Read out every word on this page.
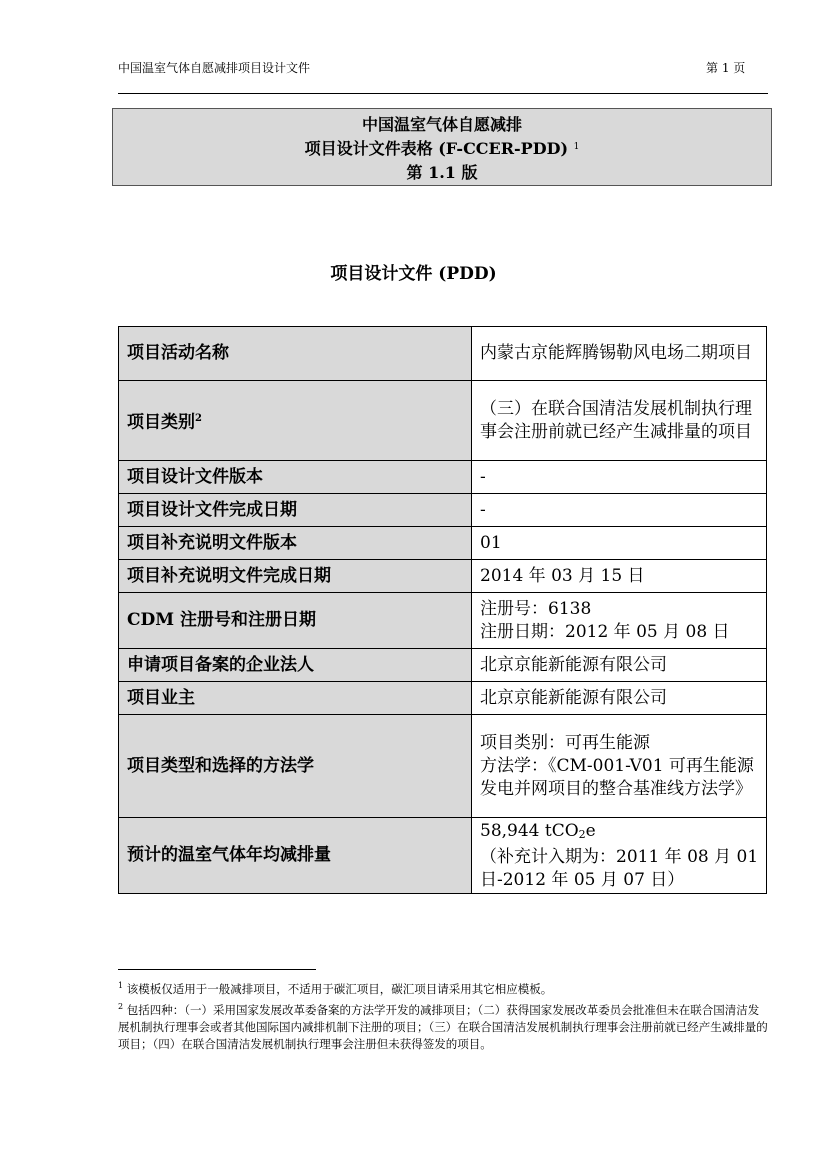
中国温室气体自愿减排项目设计文件	第 1 页
中国温室气体自愿减排
项目设计文件表格 (F-CCER-PDD) $^1$
第 1.1 版
项目设计文件 (PDD)
项目活动名称	内蒙古京能辉腾锡勒风电场二期项目
项目类别$^2$	（三）在联合国清洁发展机制执行理事会注册前就已经产生减排量的项目
项目设计文件版本	-
项目设计文件完成日期	-
项目补充说明文件版本	01
项目补充说明文件完成日期	2014 年 03 月 15 日
CDM 注册号和注册日期	注册号：6138
注册日期：2012 年 05 月 08 日

申请项目备案的企业法人	北京京能新能源有限公司
项目业主	北京京能新能源有限公司
项目类型和选择的方法学	项目类别：可再生能源
方法学：《CM-001-V01 可再生能源发电并网项目的整合基准线方法学》

预计的温室气体年均减排量	58,944 tCO2e
（补充计入期为：2011 年 08 月 01 日-2012 年 05 月 07 日）

$^1$ 该模板仅适用于一般减排项目，不适用于碳汇项目，碳汇项目请采用其它相应模板。

$^2$ 包括四种：（一）采用国家发展改革委备案的方法学开发的减排项目；（二）获得国家发展改革委员会批准但未在联合国清洁发展机制执行理事会或者其他国际国内减排机制下注册的项目；（三）在联合国清洁发展机制执行理事会注册前就已经产生减排量的项目；（四）在联合国清洁发展机制执行理事会注册但未获得签发的项目。
